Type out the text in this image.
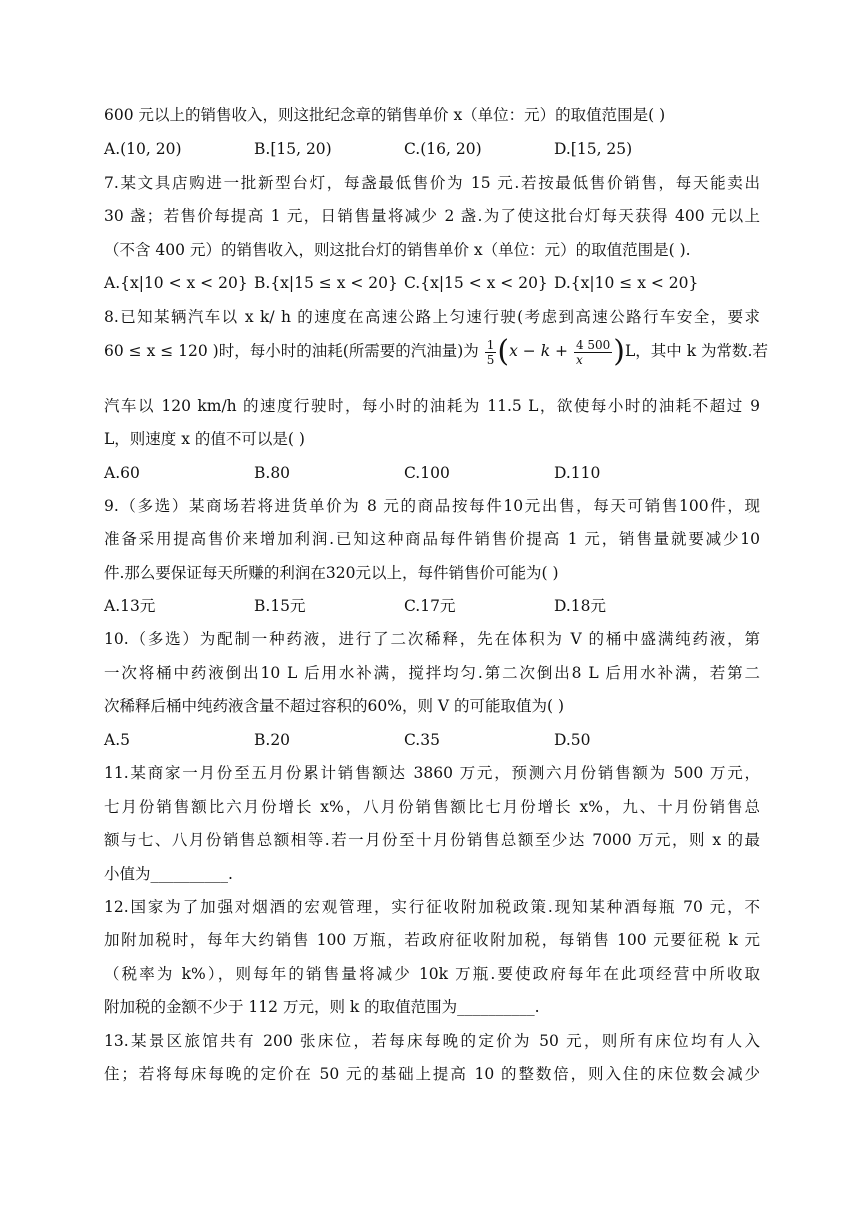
600 元以上的销售收入，则这批纪念章的销售单价 x（单位：元）的取值范围是( )
A.(10, 20)	B.[15, 20)	C.(16, 20)	D.[15, 25)
7.某文具店购进一批新型台灯，每盏最低售价为 15 元.若按最低售价销售，每天能卖出
30 盏；若售价每提高 1 元，日销售量将减少 2 盏.为了使这批台灯每天获得 400 元以上
（不含 400 元）的销售收入，则这批台灯的销售单价 x（单位：元）的取值范围是( ).
A.{x|10 < x < 20} B.{x|15 ≤ x < 20} C.{x|15 < x < 20} D.{x|10 ≤ x < 20}
8.已知某辆汽车以 x k/ h 的速度在高速公路上匀速行驶(考虑到高速公路行车安全，要求
60 ≤ x ≤ 120 )时，每小时的油耗(所需要的汽油量)为 $\frac{1}{5} (x - k + \frac{4 500}{x} )L$，其中 k 为常数.若
汽车以 120 km/h 的速度行驶时，每小时的油耗为 11.5 L，欲使每小时的油耗不超过 9
L，则速度 x 的值不可以是( )
A.60	B.80	C.100	D.110
9.（多选）某商场若将进货单价为 8 元的商品按每件10元出售，每天可销售100件，现
准备采用提高售价来增加利润.已知这种商品每件销售价提高 1 元，销售量就要减少10
件.那么要保证每天所赚的利润在320元以上，每件销售价可能为( )
A.13元	B.15元	C.17元	D.18元
10.（多选）为配制一种药液，进行了二次稀释，先在体积为 V 的桶中盛满纯药液，第
一次将桶中药液倒出10 L 后用水补满，搅拌均匀.第二次倒出8 L 后用水补满，若第二
次稀释后桶中纯药液含量不超过容积的60%，则 V 的可能取值为( )
A.5	B.20	C.35	D.50
11.某商家一月份至五月份累计销售额达 3860 万元，预测六月份销售额为 500 万元，
七月份销售额比六月份增长 x%，八月份销售额比七月份增长 x%，九、十月份销售总
额与七、八月份销售总额相等.若一月份至十月份销售总额至少达 7000 万元，则 x 的最
小值为__________.
12.国家为了加强对烟酒的宏观管理，实行征收附加税政策.现知某种酒每瓶 70 元，不
加附加税时，每年大约销售 100 万瓶，若政府征收附加税，每销售 100 元要征税 k 元
（税率为 k%），则每年的销售量将减少 10k 万瓶.要使政府每年在此项经营中所收取
附加税的金额不少于 112 万元，则 k 的取值范围为__________.
13.某景区旅馆共有 200 张床位，若每床每晚的定价为 50 元，则所有床位均有人入
住；若将每床每晚的定价在 50 元的基础上提高 10 的整数倍，则入住的床位数会减少
